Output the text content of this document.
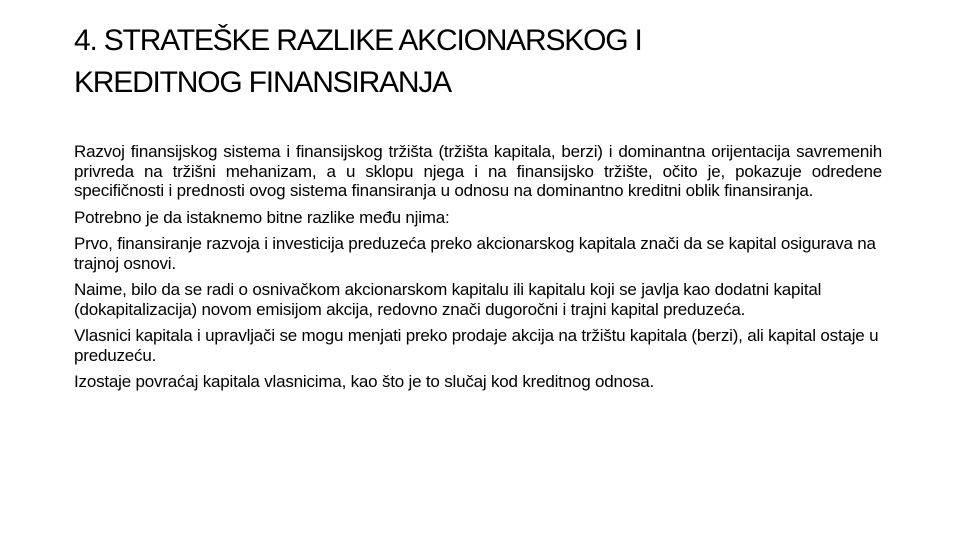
4. STRATEŠKE RAZLIKE AKCIONARSKOG I
KREDITNOG FINANSIRANJA

Razvoj finansijskog sistema i finansijskog tržišta (tržišta kapitala, berzi) i dominantna orijentacija savremenih privreda na tržišni mehanizam, a u sklopu njega i na finansijsko tržište, očito je, pokazuje odredene specifičnosti i prednosti ovog sistema finansiranja u odnosu na dominantno kreditni oblik finansiranja.

Potrebno je da istaknemo bitne razlike među njima:

Prvo, finansiranje razvoja i investicija preduzeća preko akcionarskog kapitala znači da se kapital osigurava na trajnoj osnovi.

Naime, bilo da se radi o osnivačkom akcionarskom kapitalu ili kapitalu koji se javlja kao dodatni kapital (dokapitalizacija) novom emisijom akcija, redovno znači dugoročni i trajni kapital preduzeća.

Vlasnici kapitala i upravljači se mogu menjati preko prodaje akcija na tržištu kapitala (berzi), ali kapital ostaje u preduzeću.

Izostaje povraćaj kapitala vlasnicima, kao što je to slučaj kod kreditnog odnosa.
